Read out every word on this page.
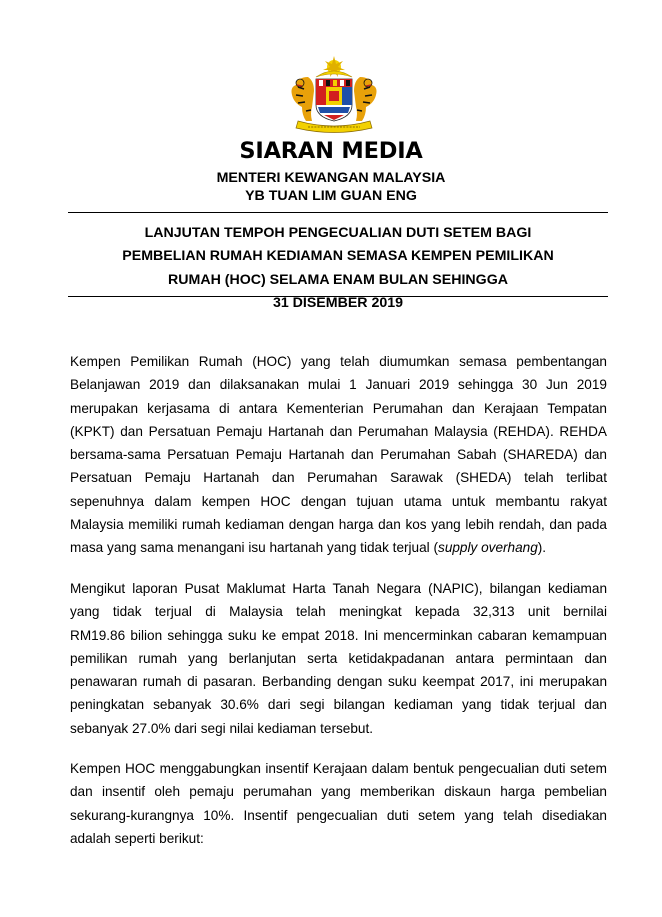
SIARAN MEDIA
MENTERI KEWANGAN MALAYSIA
YB TUAN LIM GUAN ENG
LANJUTAN TEMPOH PENGECUALIAN DUTI SETEM BAGI
PEMBELIAN RUMAH KEDIAMAN SEMASA KEMPEN PEMILIKAN
RUMAH (HOC) SELAMA ENAM BULAN SEHINGGA
31 DISEMBER 2019
Kempen Pemilikan Rumah (HOC) yang telah diumumkan semasa pembentangan
Belanjawan 2019 dan dilaksanakan mulai 1 Januari 2019 sehingga 30 Jun 2019
merupakan kerjasama di antara Kementerian Perumahan dan Kerajaan Tempatan
(KPKT) dan Persatuan Pemaju Hartanah dan Perumahan Malaysia (REHDA). REHDA
bersama-sama Persatuan Pemaju Hartanah dan Perumahan Sabah (SHAREDA) dan
Persatuan Pemaju Hartanah dan Perumahan Sarawak (SHEDA) telah terlibat
sepenuhnya dalam kempen HOC dengan tujuan utama untuk membantu rakyat
Malaysia memiliki rumah kediaman dengan harga dan kos yang lebih rendah, dan pada
masa yang sama menangani isu hartanah yang tidak terjual (supply overhang).
Mengikut laporan Pusat Maklumat Harta Tanah Negara (NAPIC), bilangan kediaman
yang tidak terjual di Malaysia telah meningkat kepada 32,313 unit bernilai
RM19.86 bilion sehingga suku ke empat 2018. Ini mencerminkan cabaran kemampuan
pemilikan rumah yang berlanjutan serta ketidakpadanan antara permintaan dan
penawaran rumah di pasaran. Berbanding dengan suku keempat 2017, ini merupakan
peningkatan sebanyak 30.6% dari segi bilangan kediaman yang tidak terjual dan
sebanyak 27.0% dari segi nilai kediaman tersebut.
Kempen HOC menggabungkan insentif Kerajaan dalam bentuk pengecualian duti setem
dan insentif oleh pemaju perumahan yang memberikan diskaun harga pembelian
sekurang-kurangnya 10%. Insentif pengecualian duti setem yang telah disediakan
adalah seperti berikut:
